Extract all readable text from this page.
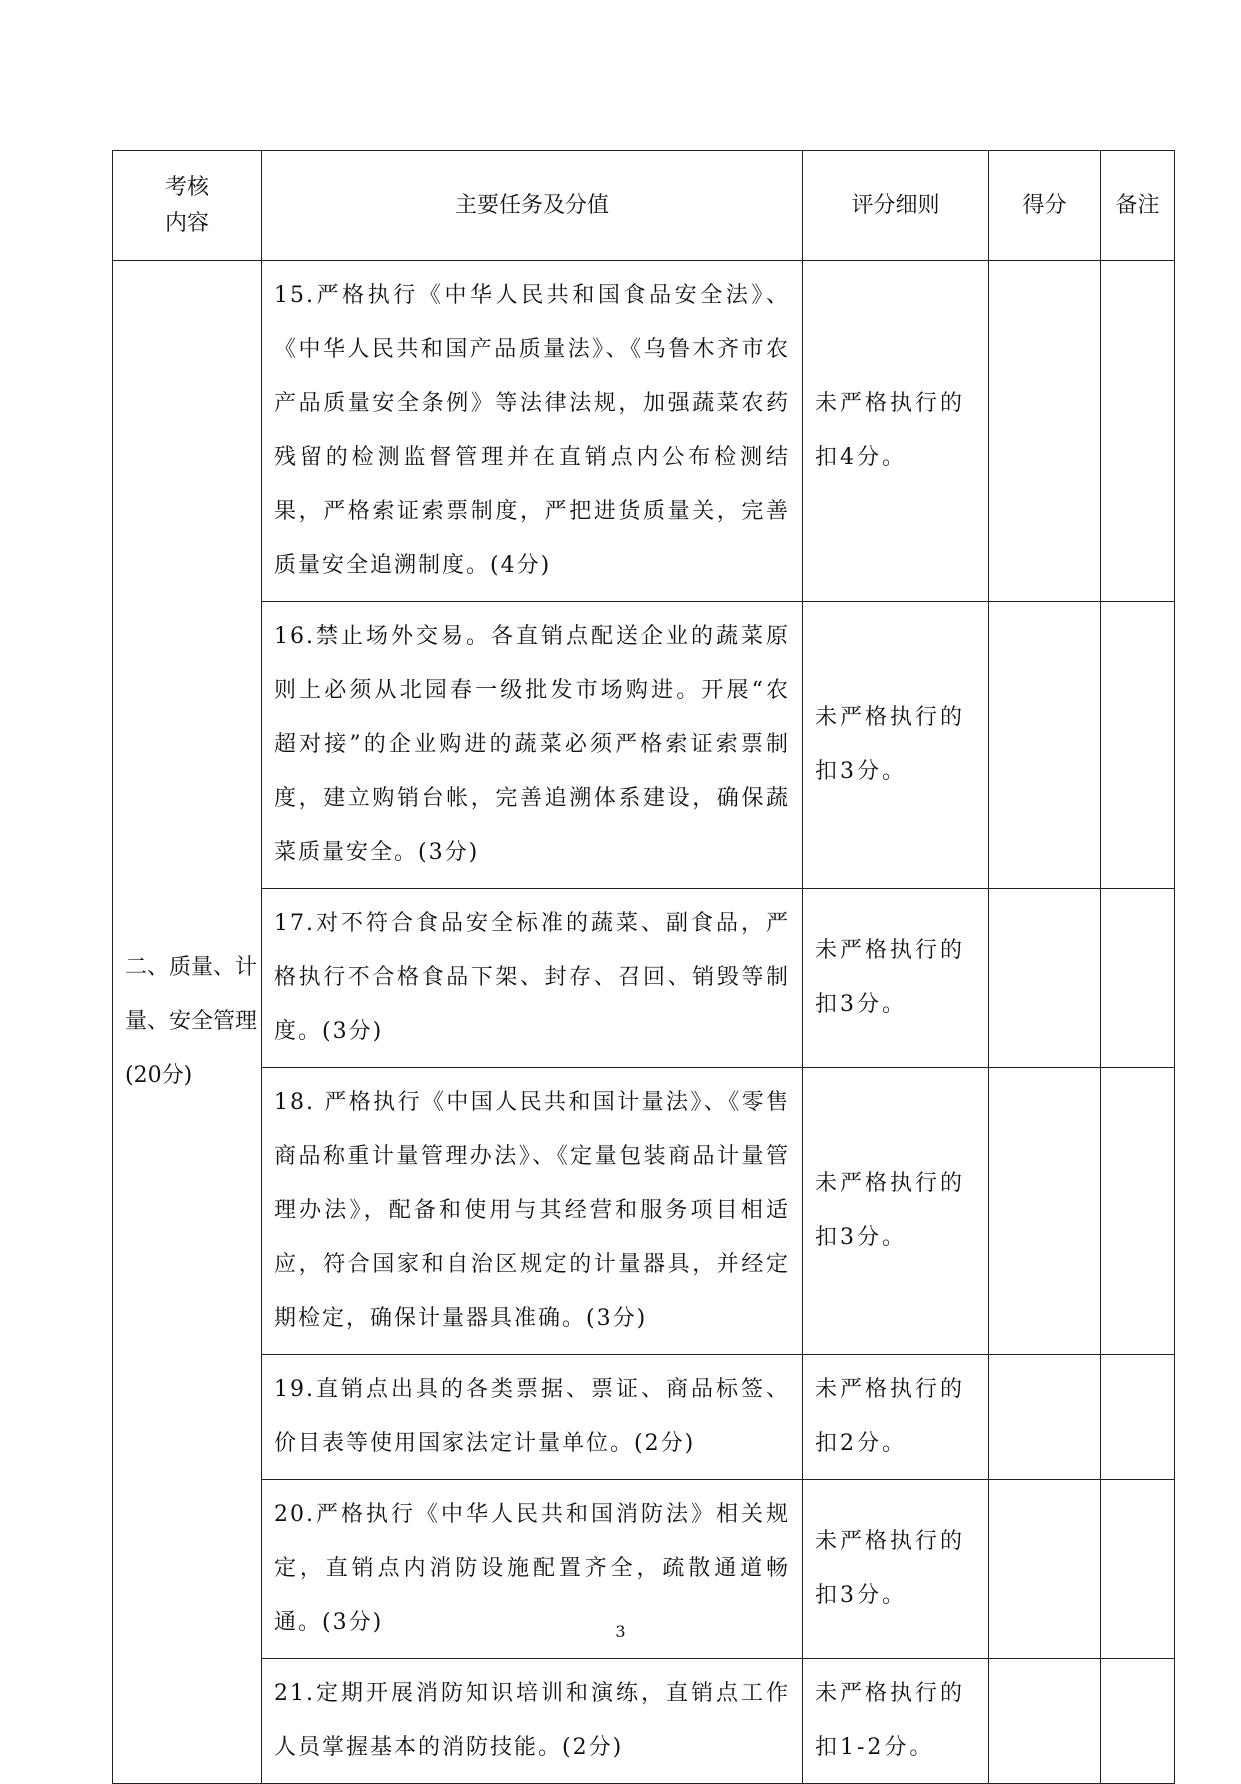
考核
内容	主要任务及分值	评分细则	得分	备注
二、质量、计量、安全管理(20分)	15.严格执行《中华人民共和国食品安全法》、《中华人民共和国产品质量法》、《乌鲁木齐市农产品质量安全条例》等法律法规，加强蔬菜农药残留的检测监督管理并在直销点内公布检测结果，严格索证索票制度，严把进货质量关，完善质量安全追溯制度。(4分)	未严格执行的扣4分。		
	16.禁止场外交易。各直销点配送企业的蔬菜原则上必须从北园春一级批发市场购进。开展“农超对接”的企业购进的蔬菜必须严格索证索票制度，建立购销台帐，完善追溯体系建设，确保蔬菜质量安全。(3分)	未严格执行的扣3分。		
	17.对不符合食品安全标准的蔬菜、副食品，严格执行不合格食品下架、封存、召回、销毁等制度。(3分)	未严格执行的扣3分。		
	18. 严格执行《中国人民共和国计量法》、《零售商品称重计量管理办法》、《定量包装商品计量管理办法》，配备和使用与其经营和服务项目相适应，符合国家和自治区规定的计量器具，并经定期检定，确保计量器具准确。(3分)	未严格执行的扣3分。		
	19.直销点出具的各类票据、票证、商品标签、价目表等使用国家法定计量单位。(2分)	未严格执行的扣2分。		
	20.严格执行《中华人民共和国消防法》相关规定，直销点内消防设施配置齐全，疏散通道畅通。(3分)	未严格执行的扣3分。		
	21.定期开展消防知识培训和演练，直销点工作人员掌握基本的消防技能。(2分)	未严格执行的扣1-2分。		
3
